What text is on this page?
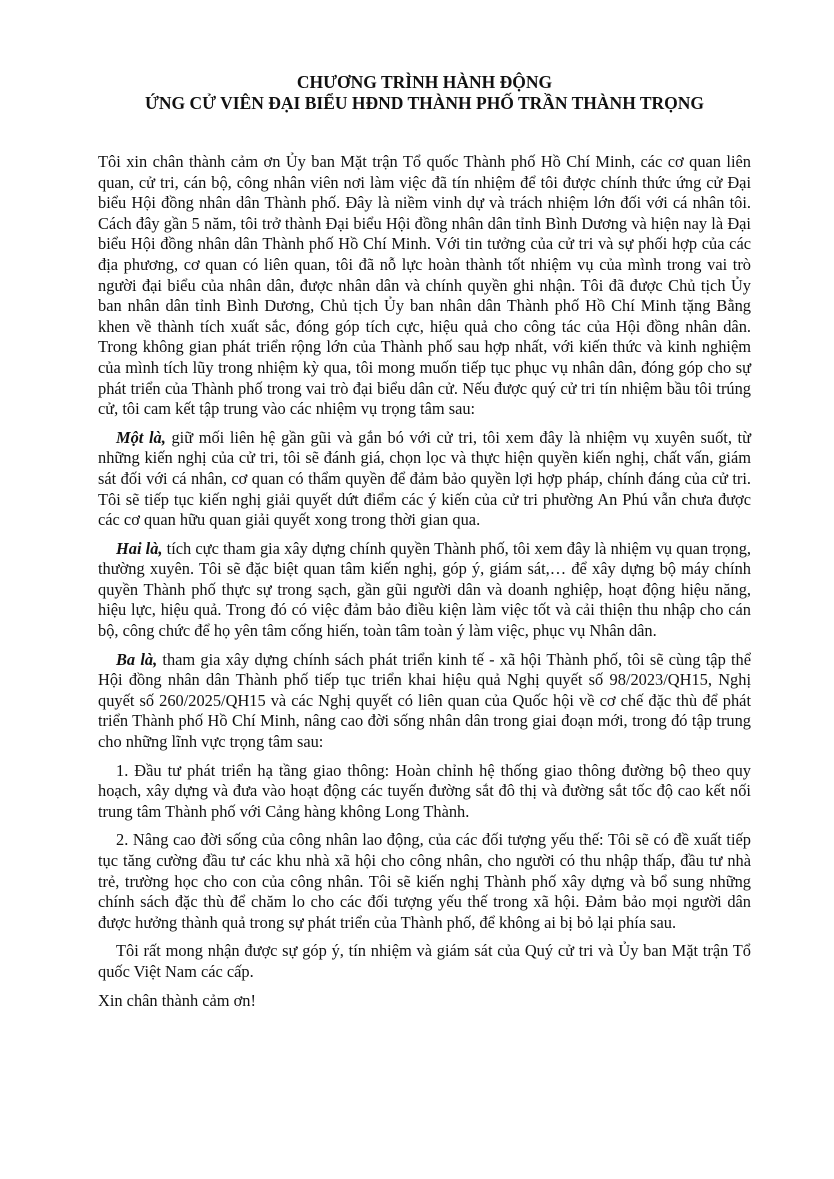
CHƯƠNG TRÌNH HÀNH ĐỘNG

ỨNG CỬ VIÊN ĐẠI BIỂU HĐND THÀNH PHỐ TRẦN THÀNH TRỌNG

Tôi xin chân thành cảm ơn Ủy ban Mặt trận Tổ quốc Thành phố Hồ Chí Minh, các cơ quan liên quan, cử tri, cán bộ, công nhân viên nơi làm việc đã tín nhiệm để tôi được chính thức ứng cử Đại biểu Hội đồng nhân dân Thành phố. Đây là niềm vinh dự và trách nhiệm lớn đối với cá nhân tôi. Cách đây gần 5 năm, tôi trở thành Đại biểu Hội đồng nhân dân tỉnh Bình Dương và hiện nay là Đại biểu Hội đồng nhân dân Thành phố Hồ Chí Minh. Với tin tưởng của cử tri và sự phối hợp của các địa phương, cơ quan có liên quan, tôi đã nỗ lực hoàn thành tốt nhiệm vụ của mình trong vai trò người đại biểu của nhân dân, được nhân dân và chính quyền ghi nhận. Tôi đã được Chủ tịch Ủy ban nhân dân tỉnh Bình Dương, Chủ tịch Ủy ban nhân dân Thành phố Hồ Chí Minh tặng Bằng khen về thành tích xuất sắc, đóng góp tích cực, hiệu quả cho công tác của Hội đồng nhân dân. Trong không gian phát triển rộng lớn của Thành phố sau hợp nhất, với kiến thức và kinh nghiệm của mình tích lũy trong nhiệm kỳ qua, tôi mong muốn tiếp tục phục vụ nhân dân, đóng góp cho sự phát triển của Thành phố trong vai trò đại biểu dân cử. Nếu được quý cử tri tín nhiệm bầu tôi trúng cử, tôi cam kết tập trung vào các nhiệm vụ trọng tâm sau:

Một là, giữ mối liên hệ gần gũi và gắn bó với cử tri, tôi xem đây là nhiệm vụ xuyên suốt, từ những kiến nghị của cử tri, tôi sẽ đánh giá, chọn lọc và thực hiện quyền kiến nghị, chất vấn, giám sát đối với cá nhân, cơ quan có thẩm quyền để đảm bảo quyền lợi hợp pháp, chính đáng của cử tri. Tôi sẽ tiếp tục kiến nghị giải quyết dứt điểm các ý kiến của cử tri phường An Phú vẫn chưa được các cơ quan hữu quan giải quyết xong trong thời gian qua.

Hai là, tích cực tham gia xây dựng chính quyền Thành phố, tôi xem đây là nhiệm vụ quan trọng, thường xuyên. Tôi sẽ đặc biệt quan tâm kiến nghị, góp ý, giám sát,… để xây dựng bộ máy chính quyền Thành phố thực sự trong sạch, gần gũi người dân và doanh nghiệp, hoạt động hiệu năng, hiệu lực, hiệu quả. Trong đó có việc đảm bảo điều kiện làm việc tốt và cải thiện thu nhập cho cán bộ, công chức để họ yên tâm cống hiến, toàn tâm toàn ý làm việc, phục vụ Nhân dân.

Ba là, tham gia xây dựng chính sách phát triển kinh tế - xã hội Thành phố, tôi sẽ cùng tập thể Hội đồng nhân dân Thành phố tiếp tục triển khai hiệu quả Nghị quyết số 98/2023/QH15, Nghị quyết số 260/2025/QH15 và các Nghị quyết có liên quan của Quốc hội về cơ chế đặc thù để phát triển Thành phố Hồ Chí Minh, nâng cao đời sống nhân dân trong giai đoạn mới, trong đó tập trung cho những lĩnh vực trọng tâm sau:

1. Đầu tư phát triển hạ tầng giao thông: Hoàn chỉnh hệ thống giao thông đường bộ theo quy hoạch, xây dựng và đưa vào hoạt động các tuyến đường sắt đô thị và đường sắt tốc độ cao kết nối trung tâm Thành phố với Cảng hàng không Long Thành.

2. Nâng cao đời sống của công nhân lao động, của các đối tượng yếu thế: Tôi sẽ có đề xuất tiếp tục tăng cường đầu tư các khu nhà xã hội cho công nhân, cho người có thu nhập thấp, đầu tư nhà trẻ, trường học cho con của công nhân. Tôi sẽ kiến nghị Thành phố xây dựng và bổ sung những chính sách đặc thù để chăm lo cho các đối tượng yếu thế trong xã hội. Đảm bảo mọi người dân được hưởng thành quả trong sự phát triển của Thành phố, để không ai bị bỏ lại phía sau.

Tôi rất mong nhận được sự góp ý, tín nhiệm và giám sát của Quý cử tri và Ủy ban Mặt trận Tổ quốc Việt Nam các cấp.

Xin chân thành cảm ơn!
